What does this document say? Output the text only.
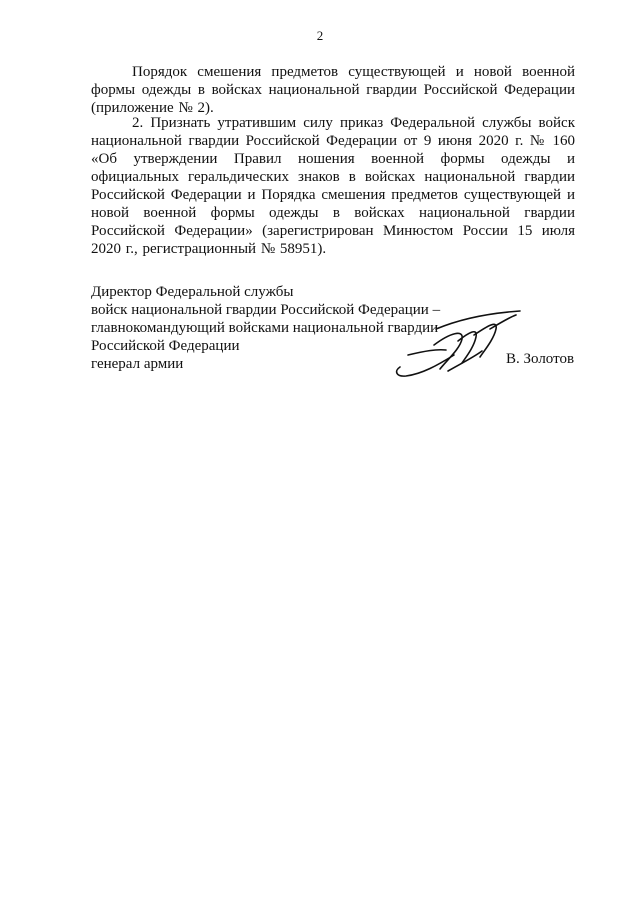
2

Порядок смешения предметов существующей и новой военной формы одежды в войсках национальной гвардии Российской Федерации (приложение № 2).

2. Признать утратившим силу приказ Федеральной службы войск национальной гвардии Российской Федерации от 9 июня 2020 г. № 160 «Об утверждении Правил ношения военной формы одежды и официальных геральдических знаков в войсках национальной гвардии Российской Федерации и Порядка смешения предметов существующей и новой военной формы одежды в войсках национальной гвардии Российской Федерации» (зарегистрирован Минюстом России 15 июля 2020 г., регистрационный № 58951).

Директор Федеральной службы
войск национальной гвардии Российской Федерации –
главнокомандующий войсками национальной гвардии
Российской Федерации
генерал армии	В. Золотов
